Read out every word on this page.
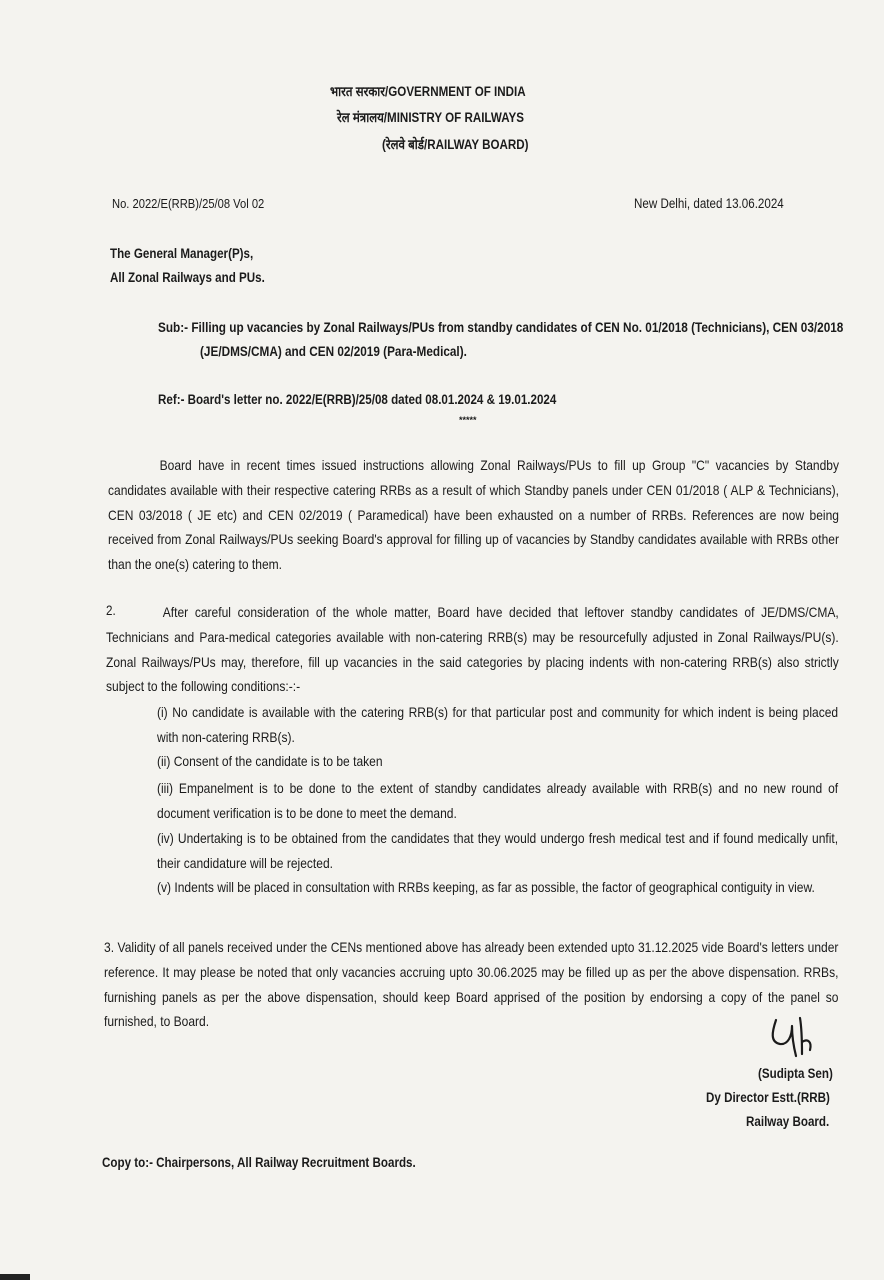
भारत सरकार/GOVERNMENT OF INDIA
रेल मंत्रालय/MINISTRY OF RAILWAYS
(रेलवे बोर्ड/RAILWAY BOARD)
No. 2022/E(RRB)/25/08 Vol 02	New Delhi, dated 13.06.2024
The General Manager(P)s,
All Zonal Railways and PUs.
Sub:- Filling up vacancies by Zonal Railways/PUs from standby candidates of CEN No. 01/2018 (Technicians), CEN 03/2018
(JE/DMS/CMA) and CEN 02/2019 (Para-Medical).
Ref:- Board's letter no. 2022/E(RRB)/25/08 dated 08.01.2024 & 19.01.2024
*****
Board have in recent times issued instructions allowing Zonal Railways/PUs to fill up Group "C" vacancies by Standby candidates available with their respective catering RRBs as a result of which Standby panels under CEN 01/2018 ( ALP & Technicians), CEN 03/2018 ( JE etc) and CEN 02/2019 ( Paramedical) have been exhausted on a number of RRBs. References are now being received from Zonal Railways/PUs seeking Board's approval for filling up of vacancies by Standby candidates available with RRBs other than the one(s) catering to them.
2.	After careful consideration of the whole matter, Board have decided that leftover standby candidates of JE/DMS/CMA, Technicians and Para-medical categories available with non-catering RRB(s) may be resourcefully adjusted in Zonal Railways/PU(s). Zonal Railways/PUs may, therefore, fill up vacancies in the said categories by placing indents with non-catering RRB(s) also strictly subject to the following conditions:-:-
(i) No candidate is available with the catering RRB(s) for that particular post and community for which indent is being placed with non-catering RRB(s).
(ii) Consent of the candidate is to be taken
(iii) Empanelment is to be done to the extent of standby candidates already available with RRB(s) and no new round of document verification is to be done to meet the demand.
(iv) Undertaking is to be obtained from the candidates that they would undergo fresh medical test and if found medically unfit, their candidature will be rejected.
(v) Indents will be placed in consultation with RRBs keeping, as far as possible, the factor of geographical contiguity in view.
3. Validity of all panels received under the CENs mentioned above has already been extended upto 31.12.2025 vide Board's letters under reference. It may please be noted that only vacancies accruing upto 30.06.2025 may be filled up as per the above dispensation. RRBs, furnishing panels as per the above dispensation, should keep Board apprised of the position by endorsing a copy of the panel so furnished, to Board.
(Sudipta Sen)
Dy Director Estt.(RRB)
Railway Board.
Copy to:- Chairpersons, All Railway Recruitment Boards.
